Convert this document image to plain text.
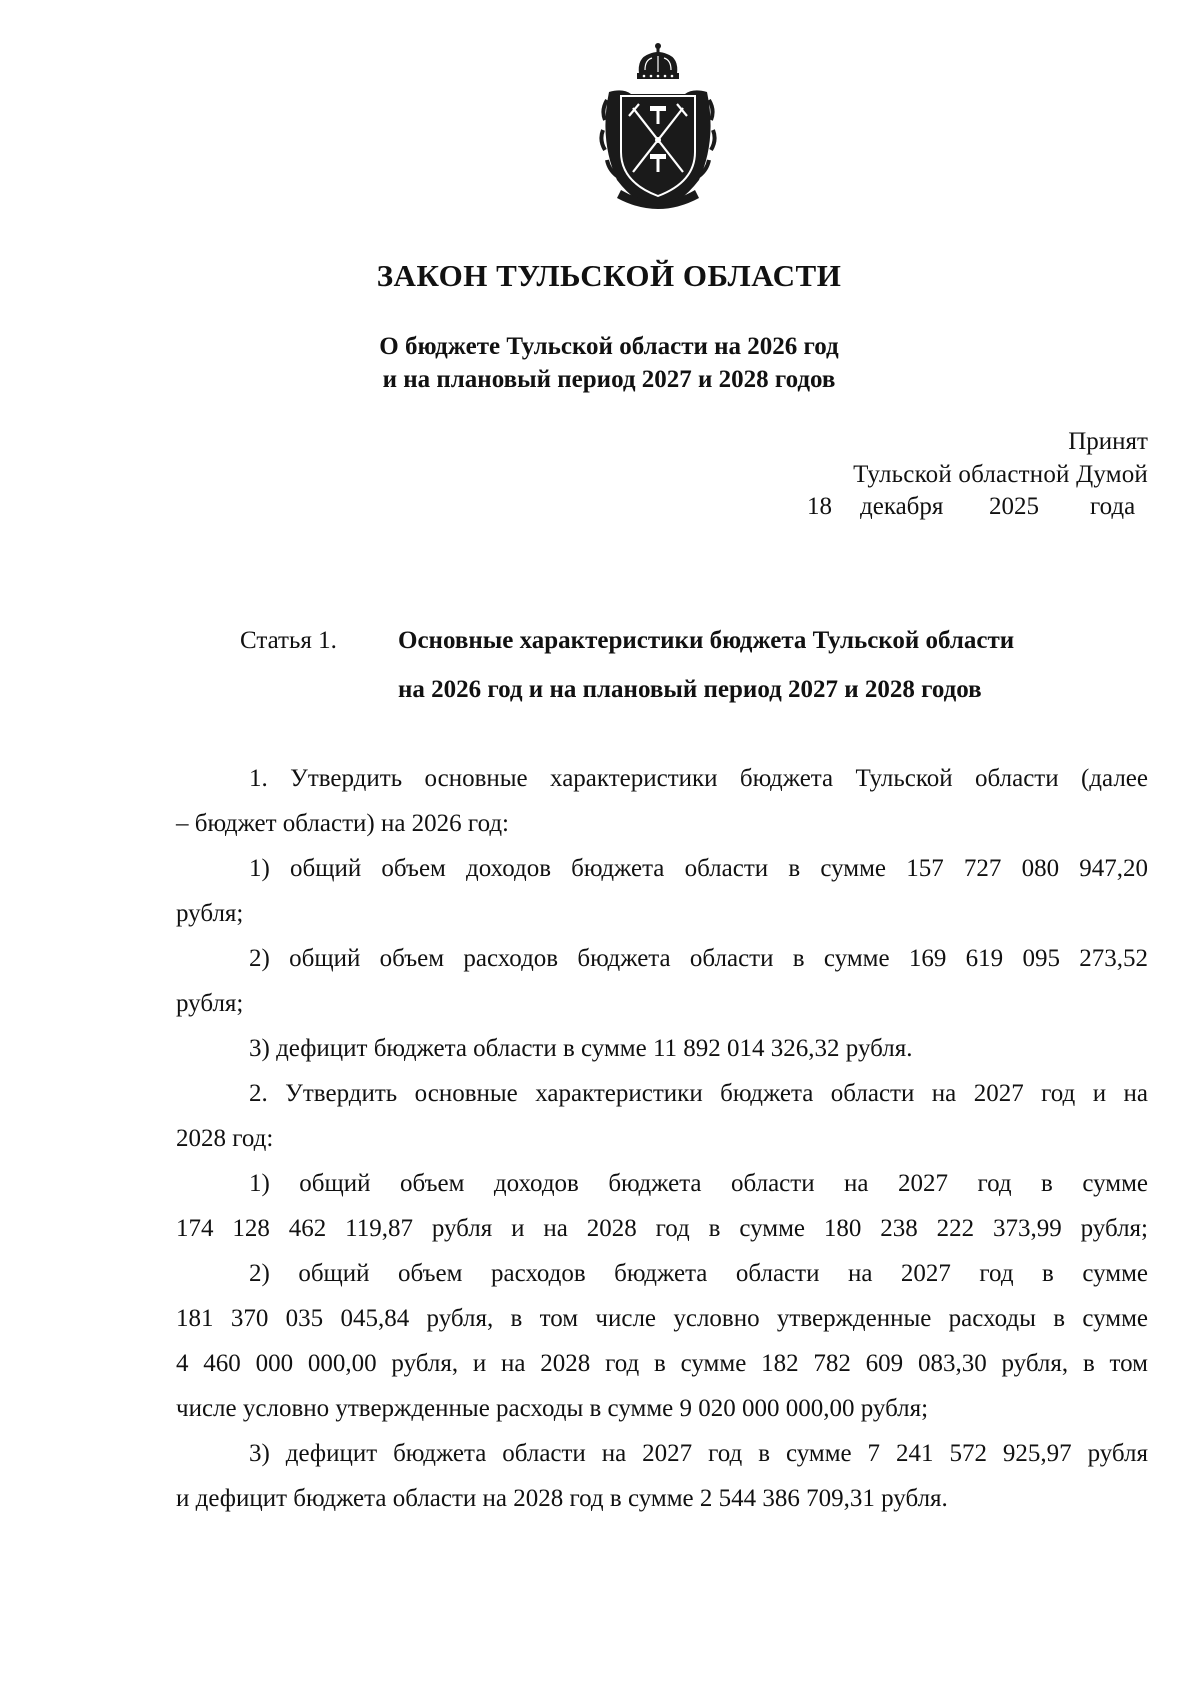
ЗАКОН ТУЛЬСКОЙ ОБЛАСТИ
О бюджете Тульской области на 2026 год
и на плановый период 2027 и 2028 годов
Принят
Тульской областной Думой
18 декабря 2025 года
Статья 1. Основные характеристики бюджета Тульской области
на 2026 год и на плановый период 2027 и 2028 годов
1. Утвердить основные характеристики бюджета Тульской области (далее
– бюджет области) на 2026 год:
1) общий объем доходов бюджета области в сумме 157 727 080 947,20
рубля;
2) общий объем расходов бюджета области в сумме 169 619 095 273,52
рубля;
3) дефицит бюджета области в сумме 11 892 014 326,32 рубля.
2. Утвердить основные характеристики бюджета области на 2027 год и на
2028 год:
1) общий объем доходов бюджета области на 2027 год в сумме
174 128 462 119,87 рубля и на 2028 год в сумме 180 238 222 373,99 рубля;
2) общий объем расходов бюджета области на 2027 год в сумме
181 370 035 045,84 рубля, в том числе условно утвержденные расходы в сумме
4 460 000 000,00 рубля, и на 2028 год в сумме 182 782 609 083,30 рубля, в том
числе условно утвержденные расходы в сумме 9 020 000 000,00 рубля;
3) дефицит бюджета области на 2027 год в сумме 7 241 572 925,97 рубля
и дефицит бюджета области на 2028 год в сумме 2 544 386 709,31 рубля.
